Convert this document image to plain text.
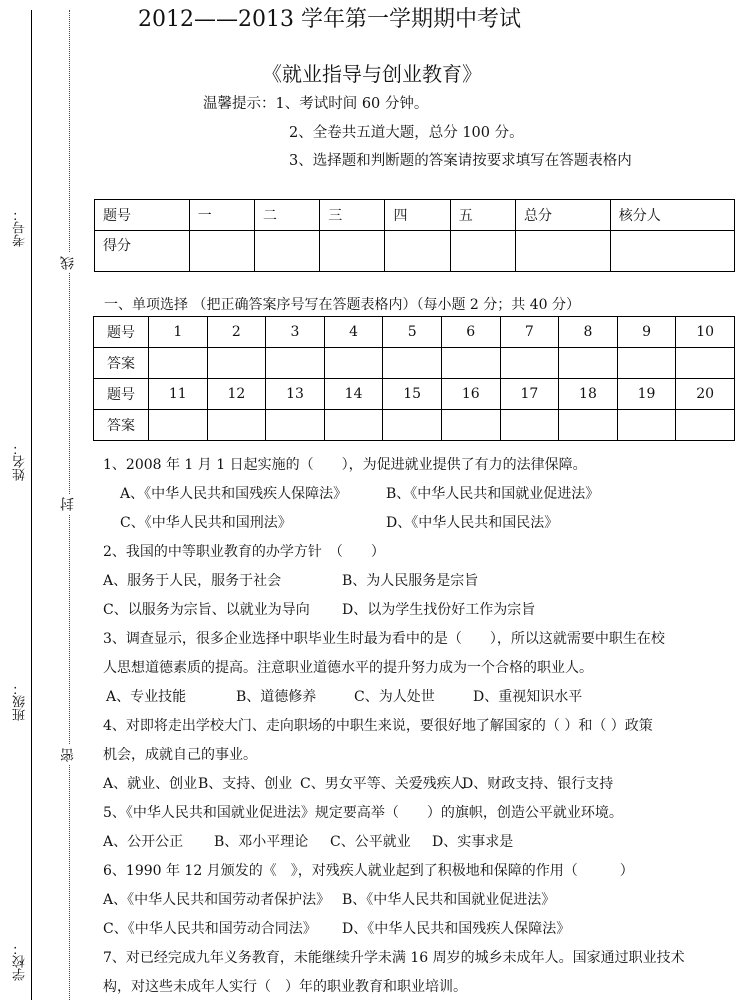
考号：
姓名：
班级：
学校：
线
封
密
2012——2013 学年第一学期期中考试
《就业指导与创业教育》
温馨提示：1、考试时间 60 分钟。
2、全卷共五道大题，总分 100 分。
3、选择题和判断题的答案请按要求填写在答题表格内
题号	一	二	三	四	五	总分	核分人
得分							
一、单项选择 （把正确答案序号写在答题表格内）（每小题 2 分；共 40 分）
题号	1	2	3	4	5	6	7	8	9	10
答案										
题号	11	12	13	14	15	16	17	18	19	20
答案										
1、2008 年 1 月 1 日起实施的（　　），为促进就业提供了有力的法律保障。
A、《中华人民共和国残疾人保障法》	B、《中华人民共和国就业促进法》
C、《中华人民共和国刑法》	D、《中华人民共和国民法》
2、我国的中等职业教育的办学方针　（　　）
A、服务于人民，服务于社会	B、为人民服务是宗旨
C、以服务为宗旨、以就业为导向 D、以为学生找份好工作为宗旨
3、调查显示，很多企业选择中职毕业生时最为看中的是（　　），所以这就需要中职生在校
人思想道德素质的提高。注意职业道德水平的提升努力成为一个合格的职业人。
A、专业技能	B、道德修养	C、为人处世	D、重视知识水平
4、对即将走出学校大门、走向职场的中职生来说，要很好地了解国家的（ ）和（ ）政策
机会，成就自己的事业。
A、就业、创业 B、支持、创业 C、男女平等、关爱残疾人
D、财政支持、银行支持
5、《中华人民共和国就业促进法》规定要高举（　　）的旗帜，创造公平就业环境。
A、公开公正 B、邓小平理论 C、公平就业 D、实事求是
6、1990 年 12 月颁发的《　》，对残疾人就业起到了积极地和保障的作用（　　　）
A、《中华人民共和国劳动者保护法》 B、《中华人民共和国就业促进法》
C、《中华人民共和国劳动合同法》 D、《中华人民共和国残疾人保障法》
7、对已经完成九年义务教育，未能继续升学未满 16 周岁的城乡未成年人。国家通过职业技术
构，对这些未成年人实行（　）年的职业教育和职业培训。
